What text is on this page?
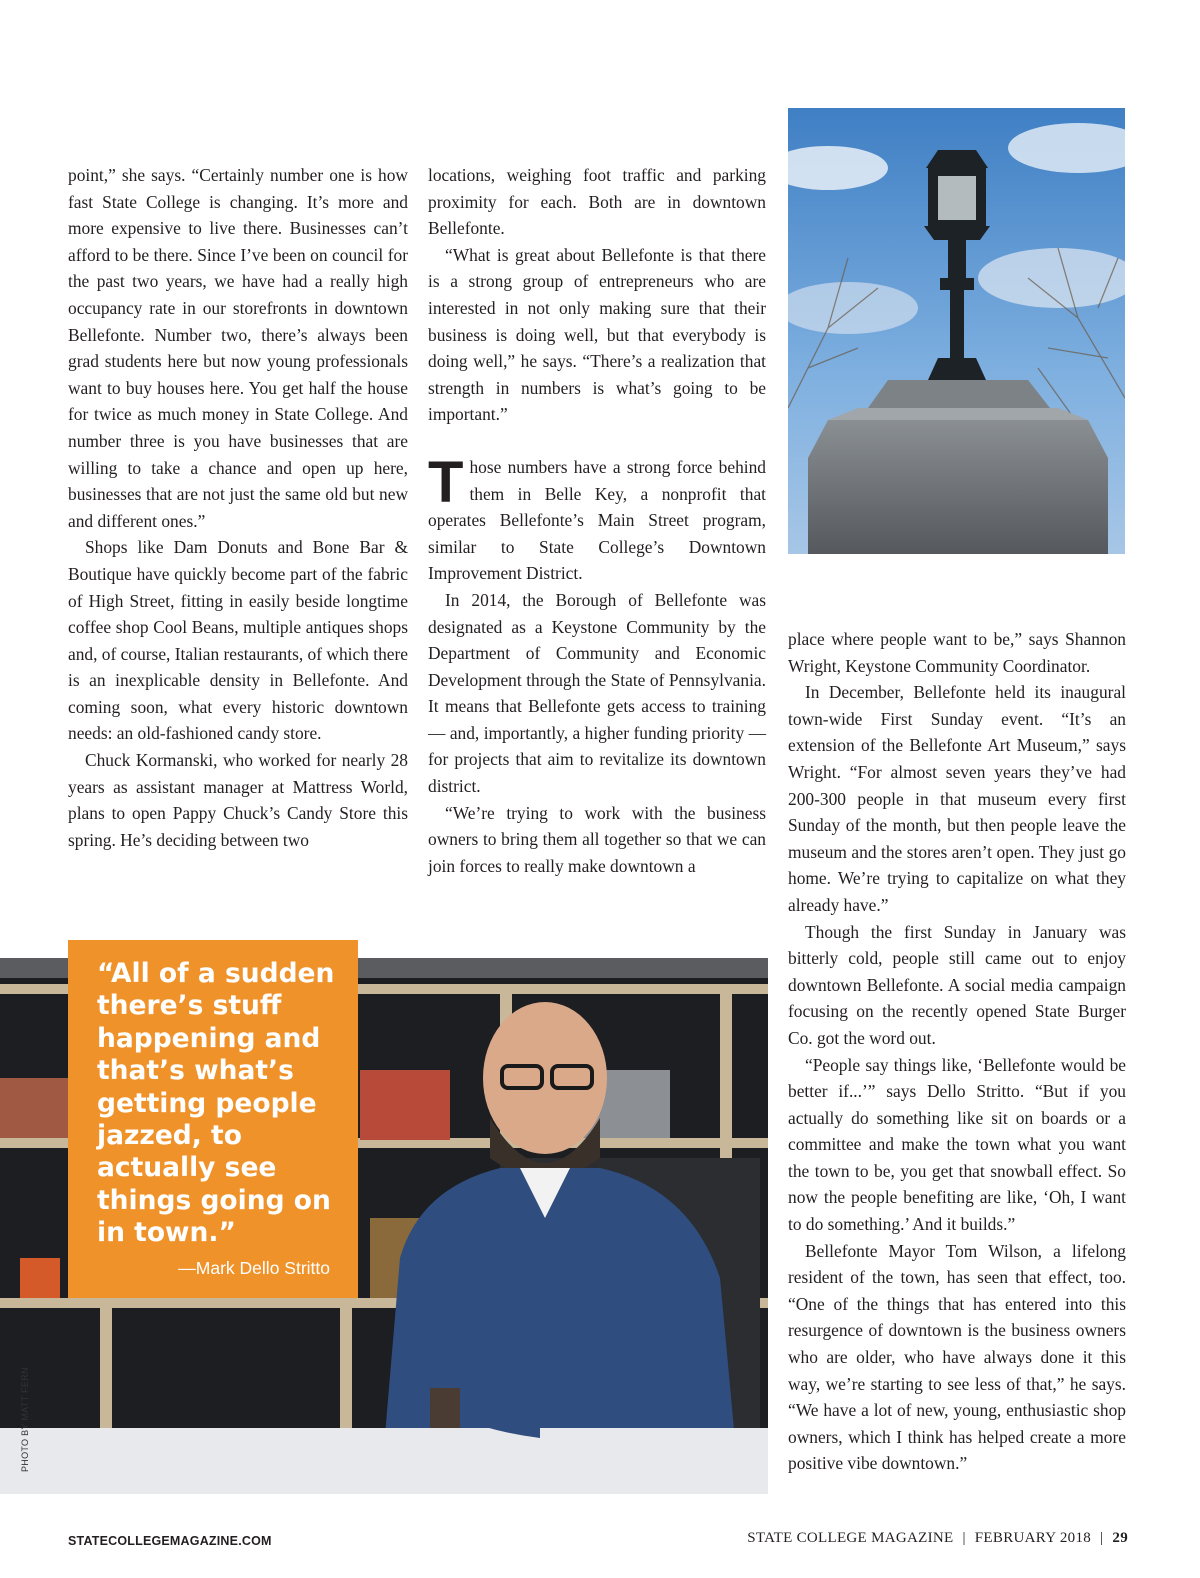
point,” she says. “Certainly number one is how fast State College is changing. It’s more and more expensive to live there. Businesses can’t afford to be there. Since I’ve been on council for the past two years, we have had a really high occupancy rate in our storefronts in downtown Bellefonte. Number two, there’s always been grad students here but now young professionals want to buy houses here. You get half the house for twice as much money in State College. And number three is you have businesses that are willing to take a chance and open up here, businesses that are not just the same old but new and different ones.”

Shops like Dam Donuts and Bone Bar & Boutique have quickly become part of the fabric of High Street, fitting in easily beside longtime coffee shop Cool Beans, multiple antiques shops and, of course, Italian restaurants, of which there is an inexplicable density in Bellefonte. And coming soon, what every historic downtown needs: an old-fashioned candy store.

Chuck Kormanski, who worked for nearly 28 years as assistant manager at Mattress World, plans to open Pappy Chuck’s Candy Store this spring. He’s deciding between two

locations, weighing foot traffic and parking proximity for each. Both are in downtown Bellefonte.

“What is great about Bellefonte is that there is a strong group of entrepreneurs who are interested in not only making sure that their business is doing well, but that everybody is doing well,” he says. “There’s a realization that strength in numbers is what’s going to be important.”

Those numbers have a strong force behind them in Belle Key, a nonprofit that operates Bellefonte’s Main Street program, similar to State College’s Downtown Improvement District.

In 2014, the Borough of Bellefonte was designated as a Keystone Community by the Department of Community and Economic Development through the State of Pennsylvania. It means that Bellefonte gets access to training — and, importantly, a higher funding priority — for projects that aim to revitalize its downtown district.

“We’re trying to work with the business owners to bring them all together so that we can join forces to really make downtown a

place where people want to be,” says Shannon Wright, Keystone Community Coordinator.

In December, Bellefonte held its inaugural town-wide First Sunday event. “It’s an extension of the Bellefonte Art Museum,” says Wright. “For almost seven years they’ve had 200-300 people in that museum every first Sunday of the month, but then people leave the museum and the stores aren’t open. They just go home. We’re trying to capitalize on what they already have.”

Though the first Sunday in January was bitterly cold, people still came out to enjoy downtown Bellefonte. A social media campaign focusing on the recently opened State Burger Co. got the word out.

“People say things like, ‘Bellefonte would be better if...’” says Dello Stritto. “But if you actually do something like sit on boards or a committee and make the town what you want the town to be, you get that snowball effect. So now the people benefiting are like, ‘Oh, I want to do something.’ And it builds.”

Bellefonte Mayor Tom Wilson, a lifelong resident of the town, has seen that effect, too. “One of the things that has entered into this resurgence of downtown is the business owners who are older, who have always done it this way, we’re starting to see less of that,” he says. “We have a lot of new, young, enthusiastic shop owners, which I think has helped create a more positive vibe downtown.”

PHOTO BY MATT FERN

“All of a sudden there’s stuff happening and that’s what’s getting people jazzed, to actually see things going on in town.”

—Mark Dello Stritto
STATECOLLEGEMAGAZINE.COM	STATE COLLEGE MAGAZINE | FEBRUARY 2018 | 29
